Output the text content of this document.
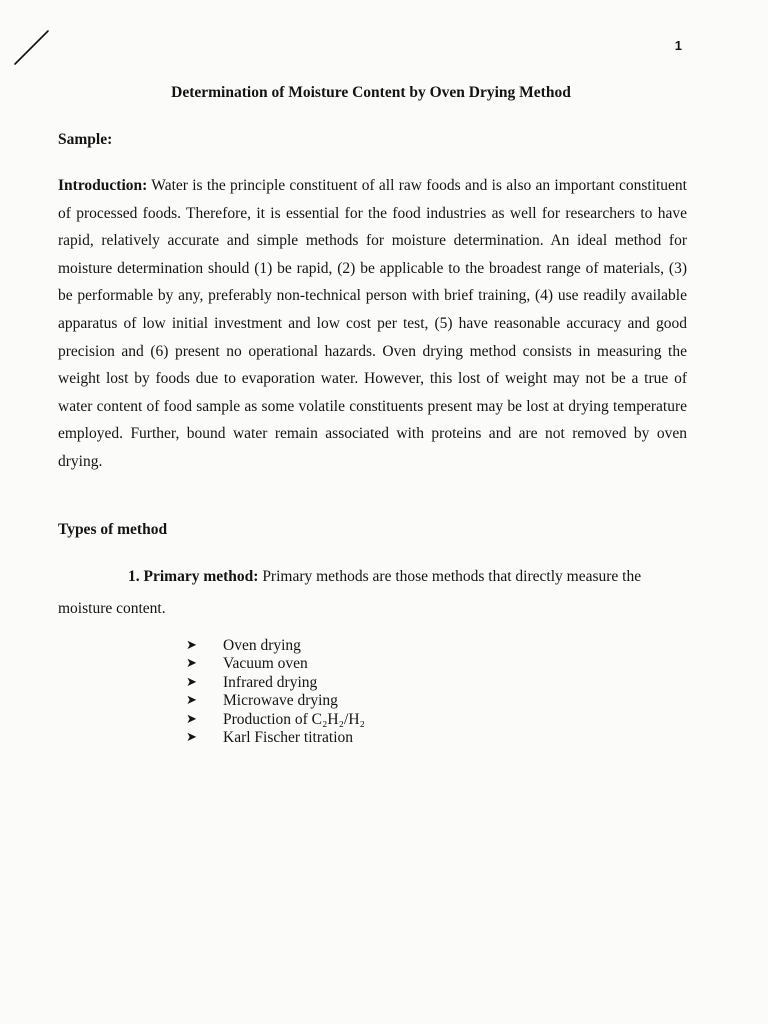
1
Determination of Moisture Content by Oven Drying Method
Sample:

Introduction: Water is the principle constituent of all raw foods and is also an important constituent of processed foods. Therefore, it is essential for the food industries as well for researchers to have rapid, relatively accurate and simple methods for moisture determination. An ideal method for moisture determination should (1) be rapid, (2) be applicable to the broadest range of materials, (3) be performable by any, preferably non-technical person with brief training, (4) use readily available apparatus of low initial investment and low cost per test, (5) have reasonable accuracy and good precision and (6) present no operational hazards. Oven drying method consists in measuring the weight lost by foods due to evaporation water. However, this lost of weight may not be a true of water content of food sample as some volatile constituents present may be lost at drying temperature employed. Further, bound water remain associated with proteins and are not removed by oven drying.

Types of method

1. Primary method: Primary methods are those methods that directly measure the moisture content.

➤	Oven drying
➤	Vacuum oven
➤	Infrared drying
➤	Microwave drying
➤	Production of C₂H₂/H₂
➤	Karl Fischer titration
